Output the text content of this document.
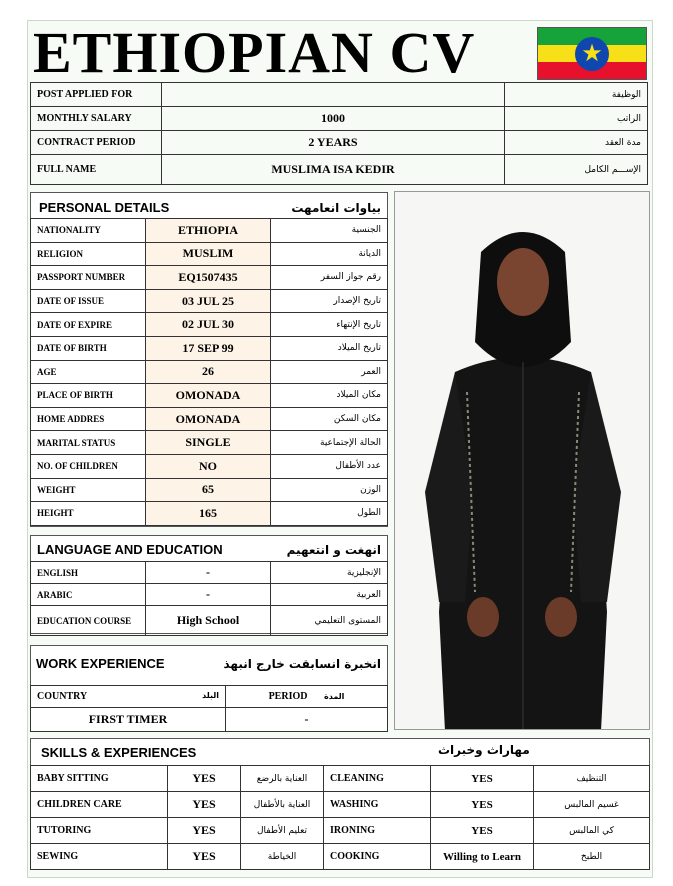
ETHIOPIAN CV	★
POST APPLIED FOR		الوظيفة
MONTHLY SALARY	1000	الراتب
CONTRACT PERIOD	2 YEARS	مدة العقد
FULL NAME	MUSLIMA ISA KEDIR	الإســـم الكامل
PERSONAL DETAILS	بياوات انعامهت
NATIONALITY	ETHIOPIA	الجنسية
RELIGION	MUSLIM	الديانة
PASSPORT NUMBER	EQ1507435	رقم جواز السفر
DATE OF ISSUE	03 JUL 25	تاريخ الإصدار
DATE OF EXPIRE	02 JUL 30	تاريخ الإنتهاء
DATE OF BIRTH	17 SEP 99	تاريخ الميلاد
AGE	26	العمر
PLACE OF BIRTH	OMONADA	مكان الميلاد
HOME ADDRES	OMONADA	مكان السكن
MARITAL STATUS	SINGLE	الحالة الإجتماعية
NO. OF CHILDREN	NO	عدد الأطفال
WEIGHT	65	الوزن
HEIGHT	165	الطول
LANGUAGE AND EDUCATION	انهغت و انتعهيم
ENGLISH	-	الإنجليزية
ARABIC	-	العربية
EDUCATION COURSE	High School	المستوى التعليمي
WORK EXPERIENCE	انخبرة انسابقت خارج انبهذ
COUNTRY البلد	PERIOD المدة
FIRST TIMER	-
SKILLS & EXPERIENCES	مهاراث وخبراث
BABY SITTING	YES	العناية بالرضع	CLEANING	YES	التنظيف
CHILDREN CARE	YES	العناية بالأطفال	WASHING	YES	غسيم المالبس
TUTORING	YES	تعليم الأطفال	IRONING	YES	كي المالبس
SEWING	YES	الخياطة	COOKING	Willing to Learn	الطبخ
